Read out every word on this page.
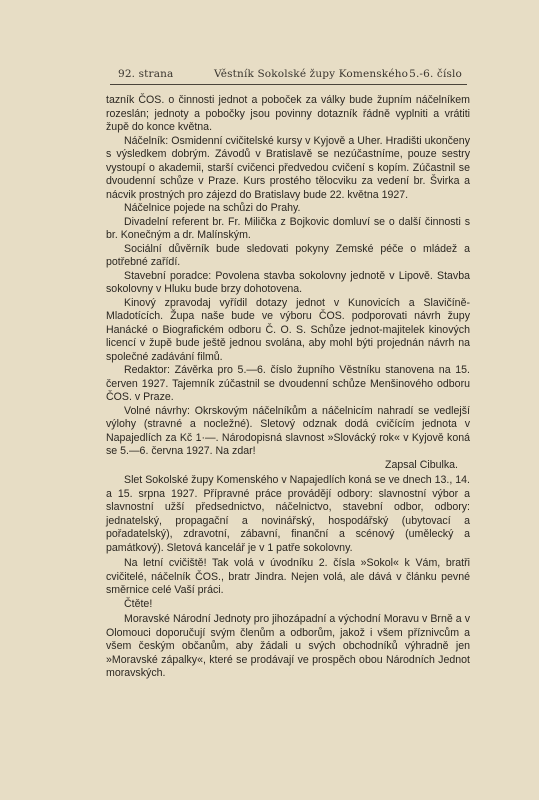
92. strana	Věstník Sokolské župy Komenského 5.-6. číslo

tazník ČOS. o činnosti jednot a poboček za války bude župním náčelníkem rozeslán; jednoty a pobočky jsou povinny dotazník řádně vyplniti a vrátiti župě do konce května.

Náčelník: Osmidenní cvičitelské kursy v Kyjově a Uher. Hradišti ukončeny s výsledkem dobrým. Závodů v Bratislavě se nezúčastníme, pouze sestry vystoupí o akademii, starší cvičenci předvedou cvičení s kopím. Zúčastnil se dvoudenní schůze v Praze. Kurs prostého tělocviku za vedení br. Švirka a nácvik prostných pro zájezd do Bratislavy bude 22. května 1927.

Náčelnice pojede na schůzi do Prahy.

Divadelní referent br. Fr. Milička z Bojkovic domluví se o další činnosti s br. Konečným a dr. Malínským.

Sociální důvěrník bude sledovati pokyny Zemské péče o mládež a potřebné zařídí.

Stavební poradce: Povolena stavba sokolovny jednotě v Lipově. Stavba sokolovny v Hluku bude brzy dohotovena.

Kinový zpravodaj vyřídil dotazy jednot v Kunovicích a Slavičíně-Mladotících. Župa naše bude ve výboru ČOS. podporovati návrh župy Hanácké o Biografickém odboru Č. O. S. Schůze jednot-majitelek kinových licencí v župě bude ještě jednou svolána, aby mohl býti projednán návrh na společné zadávání filmů.

Redaktor: Závěrka pro 5.—6. číslo župního Věstníku stanovena na 15. červen 1927. Tajemník zúčastnil se dvoudenní schůze Menšinového odboru ČOS. v Praze.

Volné návrhy: Okrskovým náčelníkům a náčelnicím nahradí se vedlejší výlohy (stravné a nocležné). Sletový odznak dodá cvičícím jednota v Napajedlích za Kč 1·—. Národopisná slavnost »Slovácký rok« v Kyjově koná se 5.—6. června 1927. Na zdar!

Zapsal Cibulka.

Slet Sokolské župy Komenského v Napajedlích koná se ve dnech 13., 14. a 15. srpna 1927. Přípravné práce provádějí odbory: slavnostní výbor a slavnostní užší předsednictvo, náčelnictvo, stavební odbor, odbory: jednatelský, propagační a novinářský, hospodářský (ubytovací a pořadatelský), zdravotní, zábavní, finanční a scénový (umělecký a památkový). Sletová kancelář je v 1 patře sokolovny.

Na letní cvičiště! Tak volá v úvodníku 2. čísla »Sokol« k Vám, bratři cvičitelé, náčelník ČOS., bratr Jindra. Nejen volá, ale dává v článku pevné směrnice celé Vaší práci.

Čtěte!

Moravské Národní Jednoty pro jihozápadní a východní Moravu v Brně a v Olomouci doporučují svým členům a odborům, jakož i všem příznivcům a všem českým občanům, aby žádali u svých obchodníků výhradně jen »Moravské zápalky«, které se prodávají ve prospěch obou Národních Jednot moravských.
